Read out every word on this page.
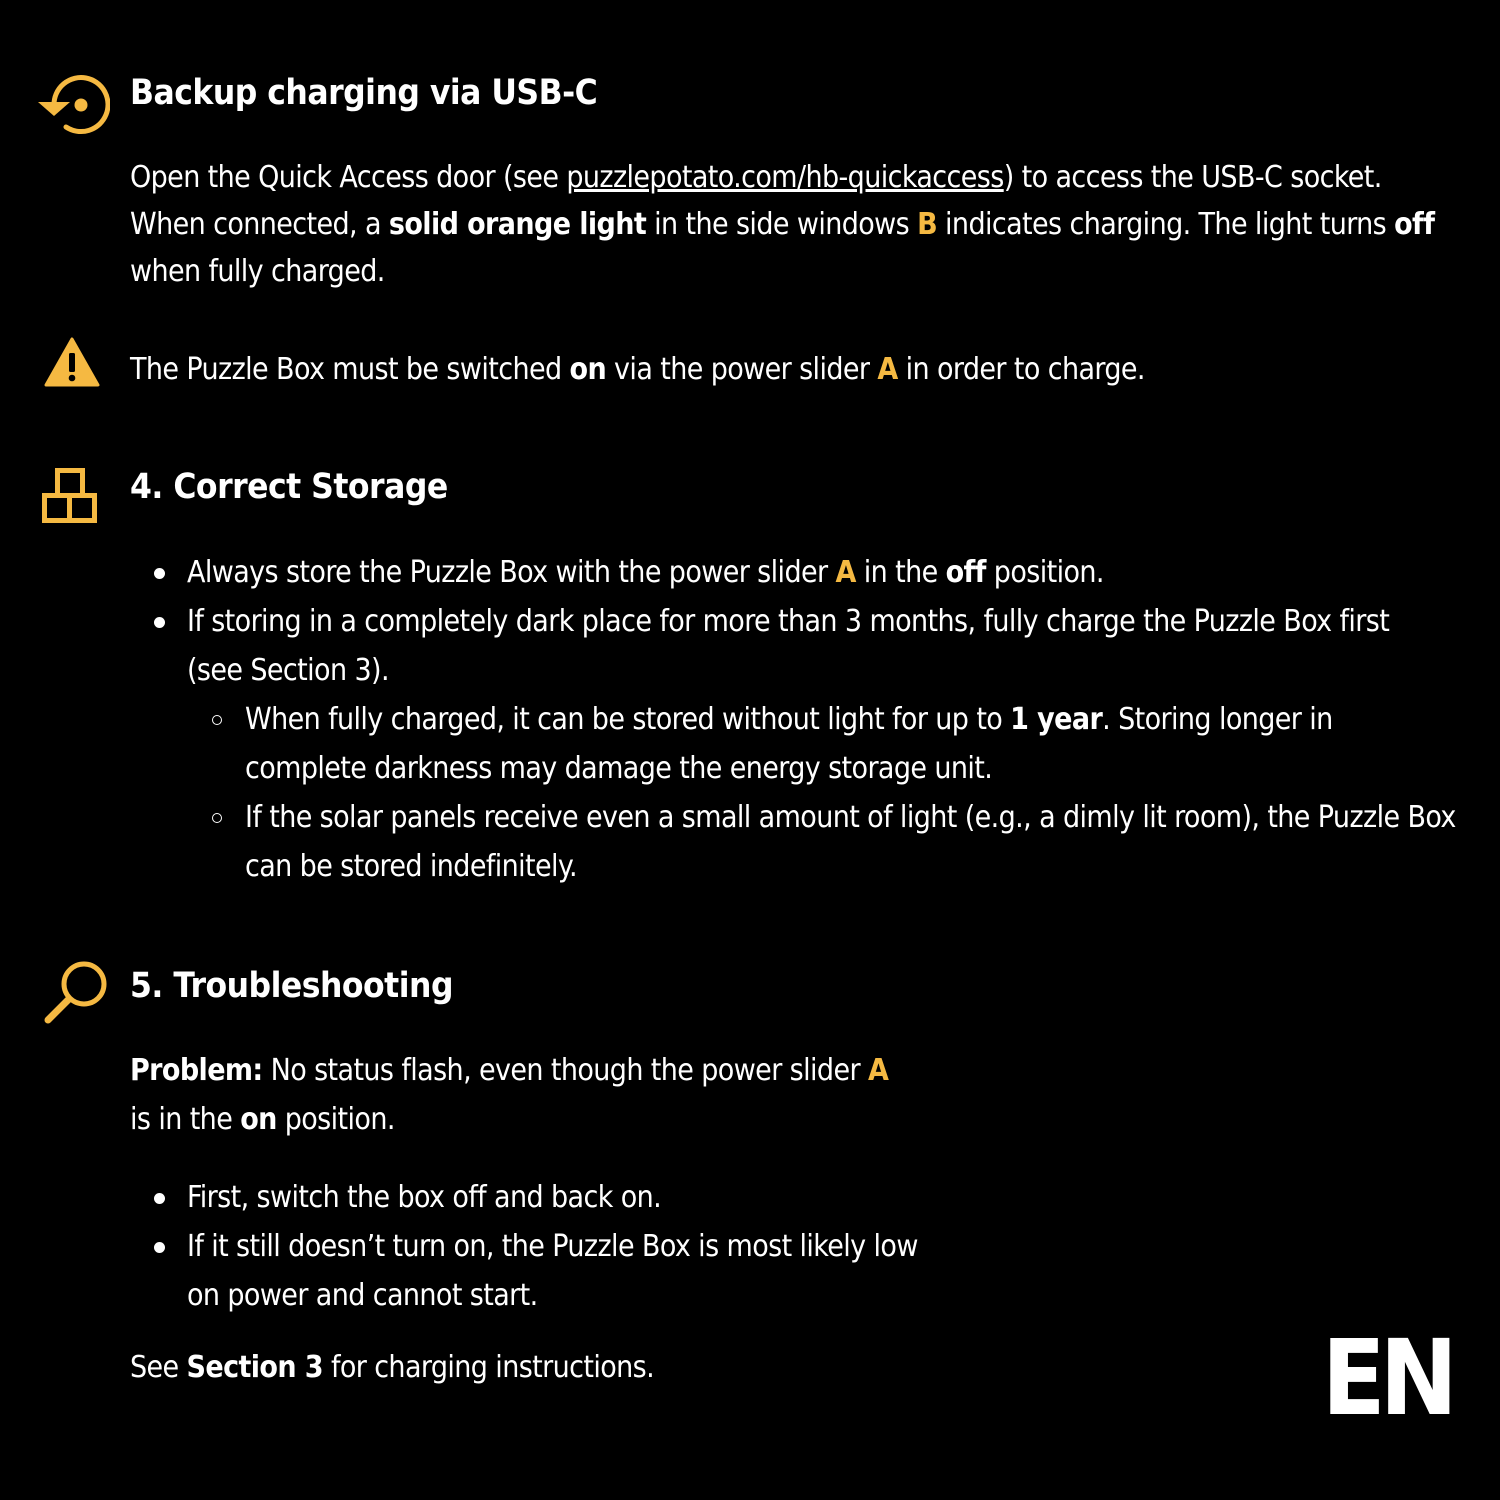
Backup charging via USB-C
Open the Quick Access door (see puzzlepotato.com/hb-quickaccess) to access the USB-C socket.
When connected, a solid orange light in the side windows B indicates charging. The light turns off
when fully charged.
The Puzzle Box must be switched on via the power slider A in order to charge.
4. Correct Storage
Always store the Puzzle Box with the power slider A in the off position.
If storing in a completely dark place for more than 3 months, fully charge the Puzzle Box first
(see Section 3).
When fully charged, it can be stored without light for up to 1 year. Storing longer in
complete darkness may damage the energy storage unit.
If the solar panels receive even a small amount of light (e.g., a dimly lit room), the Puzzle Box
can be stored indefinitely.
5. Troubleshooting
Problem: No status flash, even though the power slider A
is in the on position.
First, switch the box off and back on.
If it still doesn’t turn on, the Puzzle Box is most likely low
on power and cannot start.
See Section 3 for charging instructions.	EN
